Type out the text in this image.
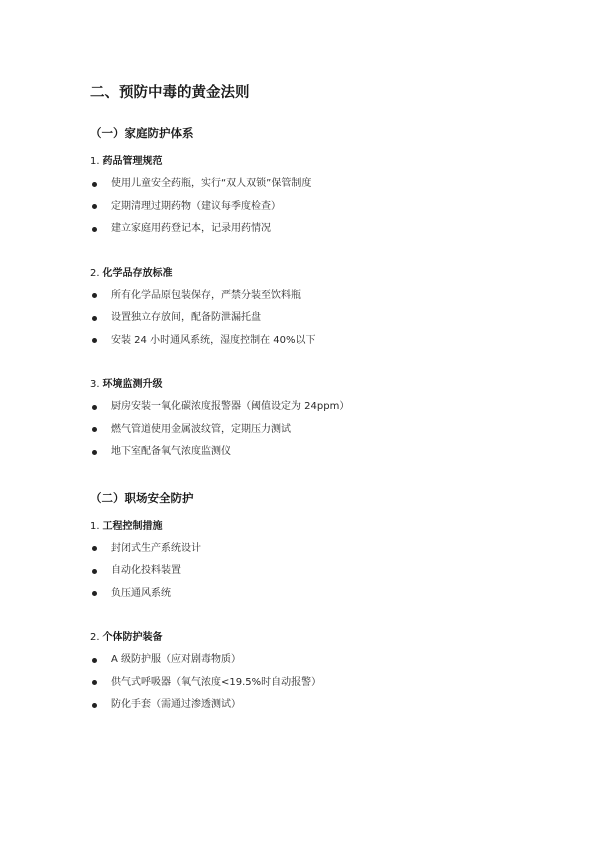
二、预防中毒的黄金法则
（一）家庭防护体系
1. 药品管理规范
使用儿童安全药瓶，实行“双人双锁”保管制度
定期清理过期药物（建议每季度检查）
建立家庭用药登记本，记录用药情况
2. 化学品存放标准
所有化学品原包装保存，严禁分装至饮料瓶
设置独立存放间，配备防泄漏托盘
安装 24 小时通风系统，湿度控制在 40%以下
3. 环境监测升级
厨房安装一氧化碳浓度报警器（阈值设定为 24ppm）
燃气管道使用金属波纹管，定期压力测试
地下室配备氧气浓度监测仪
（二）职场安全防护
1. 工程控制措施
封闭式生产系统设计
自动化投料装置
负压通风系统
2. 个体防护装备
A 级防护服（应对剧毒物质）
供气式呼吸器（氧气浓度<19.5%时自动报警）
防化手套（需通过渗透测试）
